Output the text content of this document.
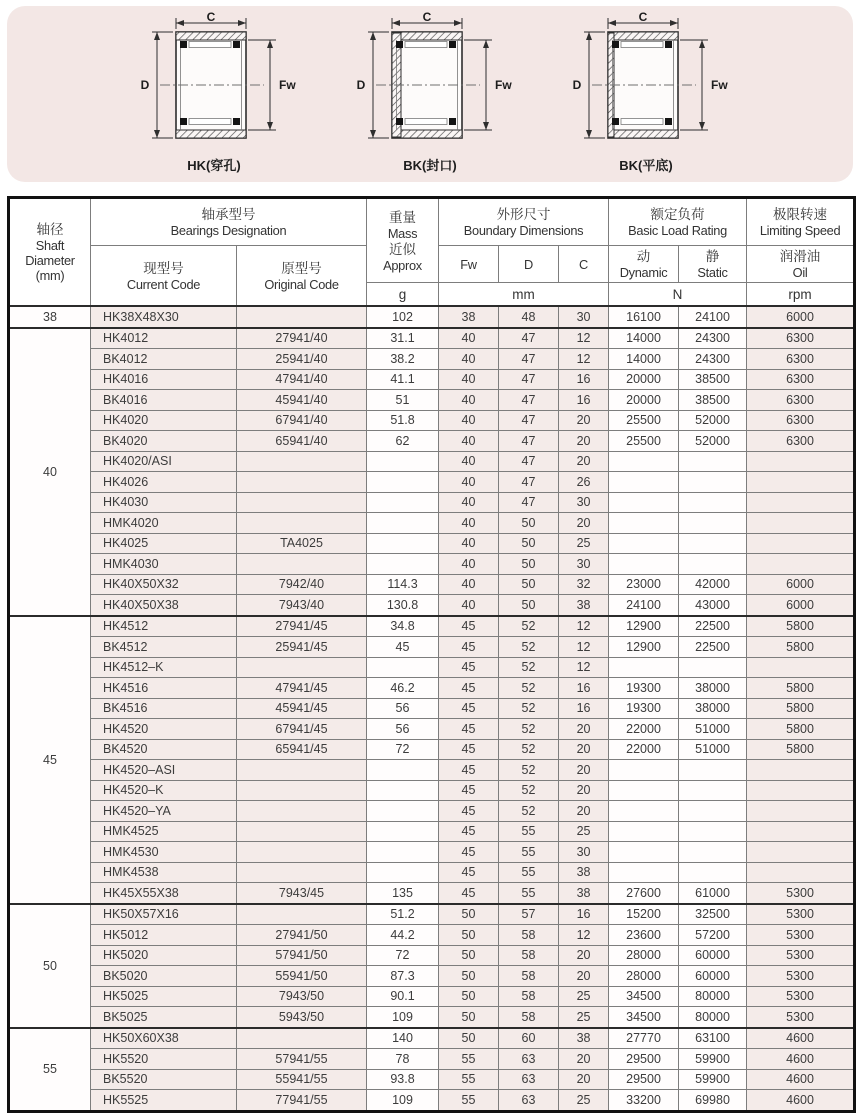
C
D	Fw
HK(穿孔)
C
D	Fw
BK(封口)
C
D	Fw
BK(平底)
轴径
Shaft
Diameter
(mm)	轴承型号
Bearings Designation		重量
Mass
近似
Approx	外形尺寸
Boundary Dimensions			额定负荷
Basic Load Rating		极限转速
Limiting Speed

	现型号
Current Code	原型号
Original Code		Fw	D	C	动
Dynamic	静
Static	润滑油
Oil

			g	mm			N		rpm
38	HK38X48X30		102	38	48	30	16100	24100	6000
40	HK4012	27941/40	31.1	40	47	12	14000	24300	6300
	BK4012	25941/40	38.2	40	47	12	14000	24300	6300
	HK4016	47941/40	41.1	40	47	16	20000	38500	6300
	BK4016	45941/40	51	40	47	16	20000	38500	6300
	HK4020	67941/40	51.8	40	47	20	25500	52000	6300
	BK4020	65941/40	62	40	47	20	25500	52000	6300
	HK4020/ASI			40	47	20			
	HK4026			40	47	26			
	HK4030			40	47	30			
	HMK4020			40	50	20			
	HK4025	TA4025		40	50	25			
	HMK4030			40	50	30			
	HK40X50X32	7942/40	114.3	40	50	32	23000	42000	6000
	HK40X50X38	7943/40	130.8	40	50	38	24100	43000	6000
45	HK4512	27941/45	34.8	45	52	12	12900	22500	5800
	BK4512	25941/45	45	45	52	12	12900	22500	5800
	HK4512–K			45	52	12			
	HK4516	47941/45	46.2	45	52	16	19300	38000	5800
	BK4516	45941/45	56	45	52	16	19300	38000	5800
	HK4520	67941/45	56	45	52	20	22000	51000	5800
	BK4520	65941/45	72	45	52	20	22000	51000	5800
	HK4520–ASI			45	52	20			
	HK4520–K			45	52	20			
	HK4520–YA			45	52	20			
	HMK4525			45	55	25			
	HMK4530			45	55	30			
	HMK4538			45	55	38			
	HK45X55X38	7943/45	135	45	55	38	27600	61000	5300
50	HK50X57X16		51.2	50	57	16	15200	32500	5300
	HK5012	27941/50	44.2	50	58	12	23600	57200	5300
	HK5020	57941/50	72	50	58	20	28000	60000	5300
	BK5020	55941/50	87.3	50	58	20	28000	60000	5300
	HK5025	7943/50	90.1	50	58	25	34500	80000	5300
	BK5025	5943/50	109	50	58	25	34500	80000	5300
55	HK50X60X38		140	50	60	38	27770	63100	4600
	HK5520	57941/55	78	55	63	20	29500	59900	4600
	BK5520	55941/55	93.8	55	63	20	29500	59900	4600
	HK5525	77941/55	109	55	63	25	33200	69980	4600
